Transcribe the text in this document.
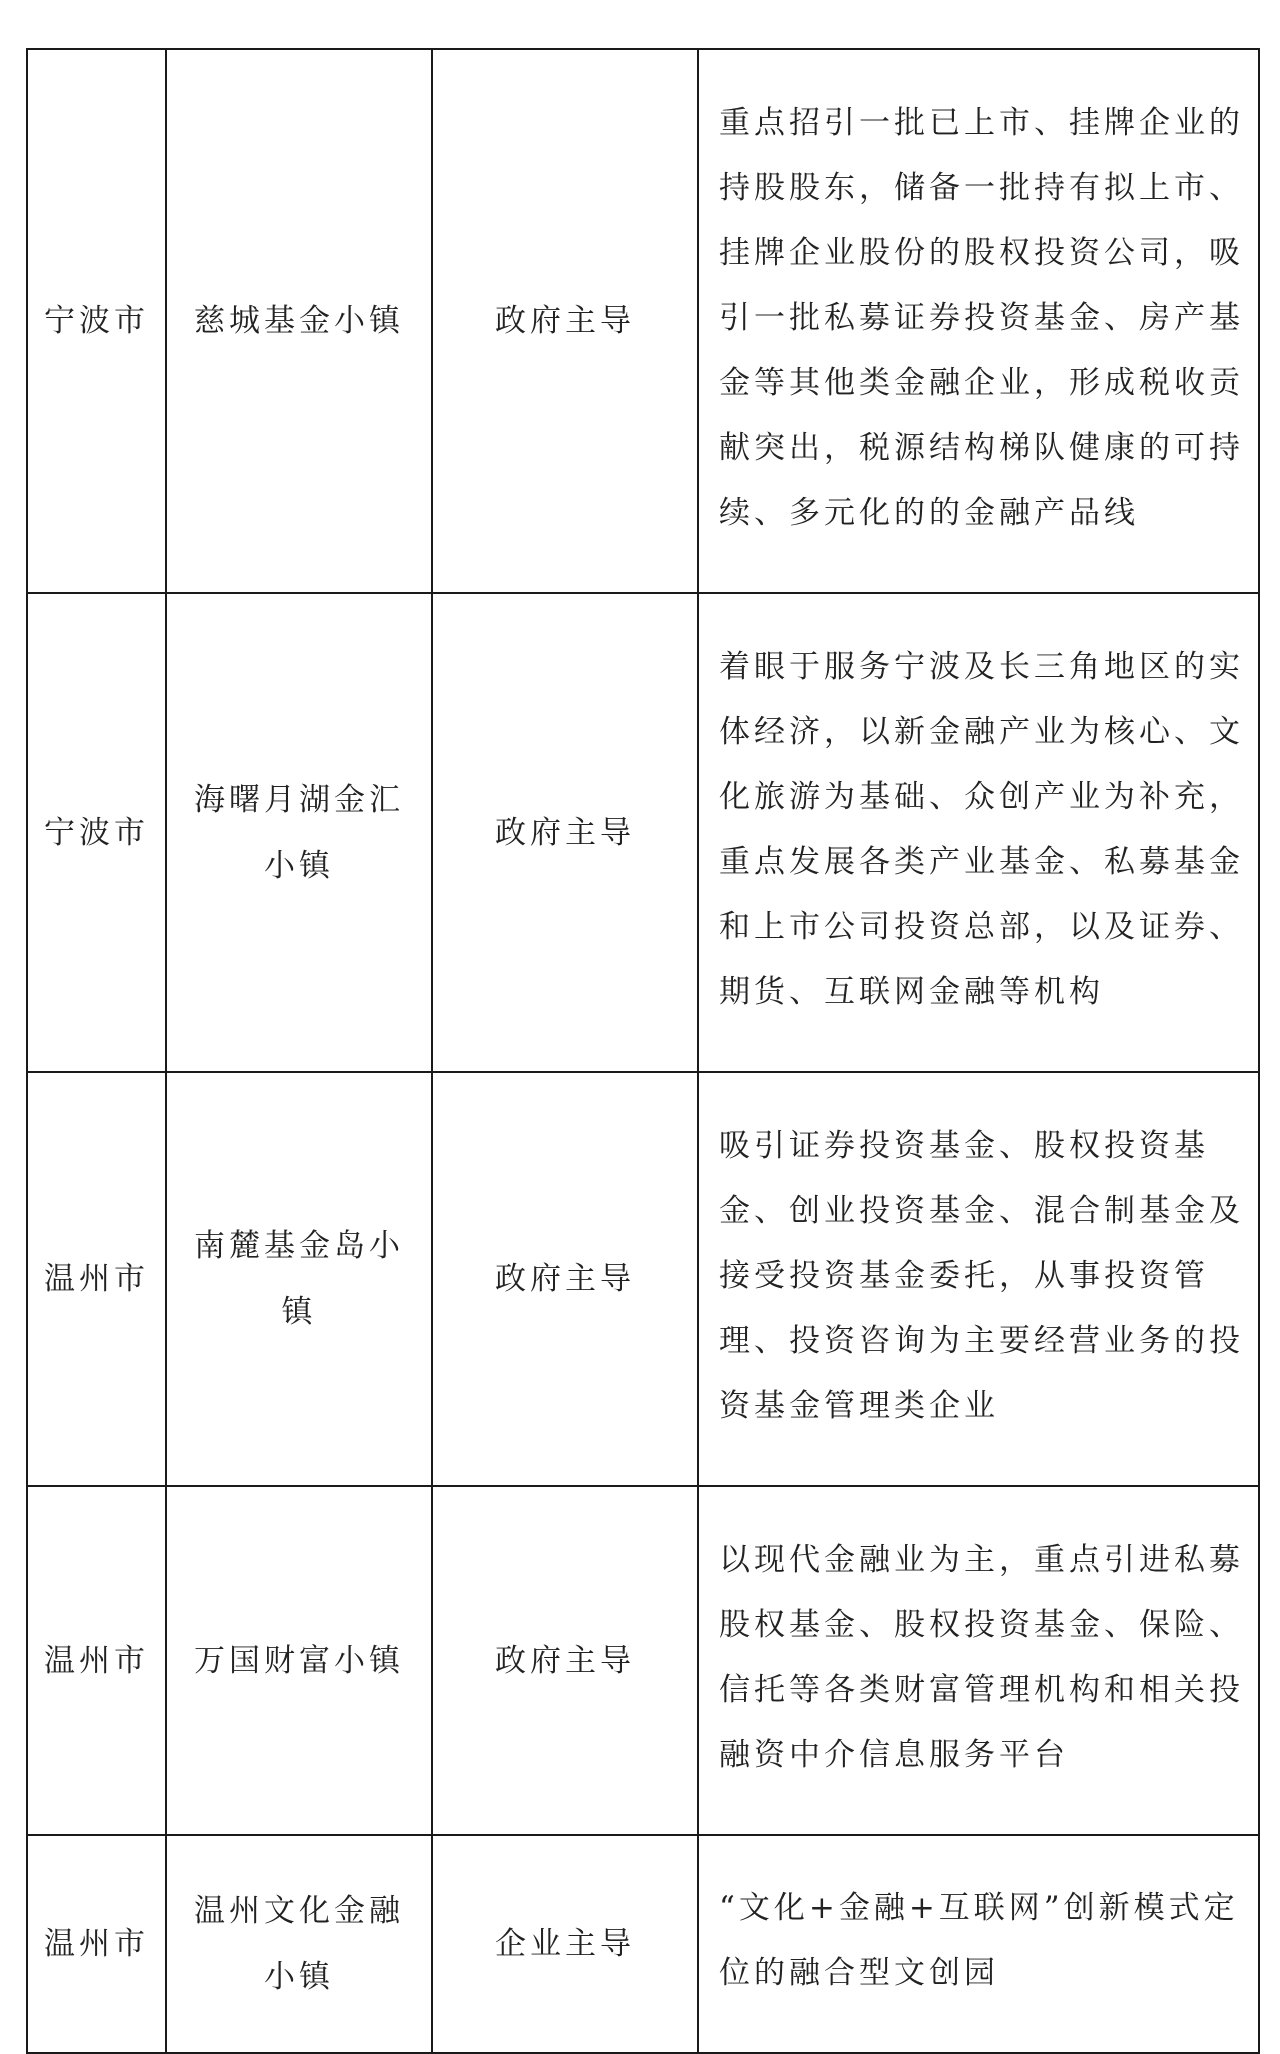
宁波市	慈城基金小镇	政府主导	重点招引一批已上市、挂牌企业的持股股东，储备一批持有拟上市、挂牌企业股份的股权投资公司，吸引一批私募证券投资基金、房产基金等其他类金融企业，形成税收贡献突出，税源结构梯队健康的可持续、多元化的的金融产品线

宁波市	海曙月湖金汇小镇	政府主导	着眼于服务宁波及长三角地区的实体经济，以新金融产业为核心、文化旅游为基础、众创产业为补充，重点发展各类产业基金、私募基金和上市公司投资总部，以及证券、期货、互联网金融等机构

温州市	南麓基金岛小镇	政府主导	吸引证券投资基金、股权投资基金、创业投资基金、混合制基金及接受投资基金委托，从事投资管理、投资咨询为主要经营业务的投资基金管理类企业

温州市	万国财富小镇	政府主导	以现代金融业为主，重点引进私募股权基金、股权投资基金、保险、信托等各类财富管理机构和相关投融资中介信息服务平台

温州市	温州文化金融小镇	企业主导	“文化+金融+互联网”创新模式定位的融合型文创园
